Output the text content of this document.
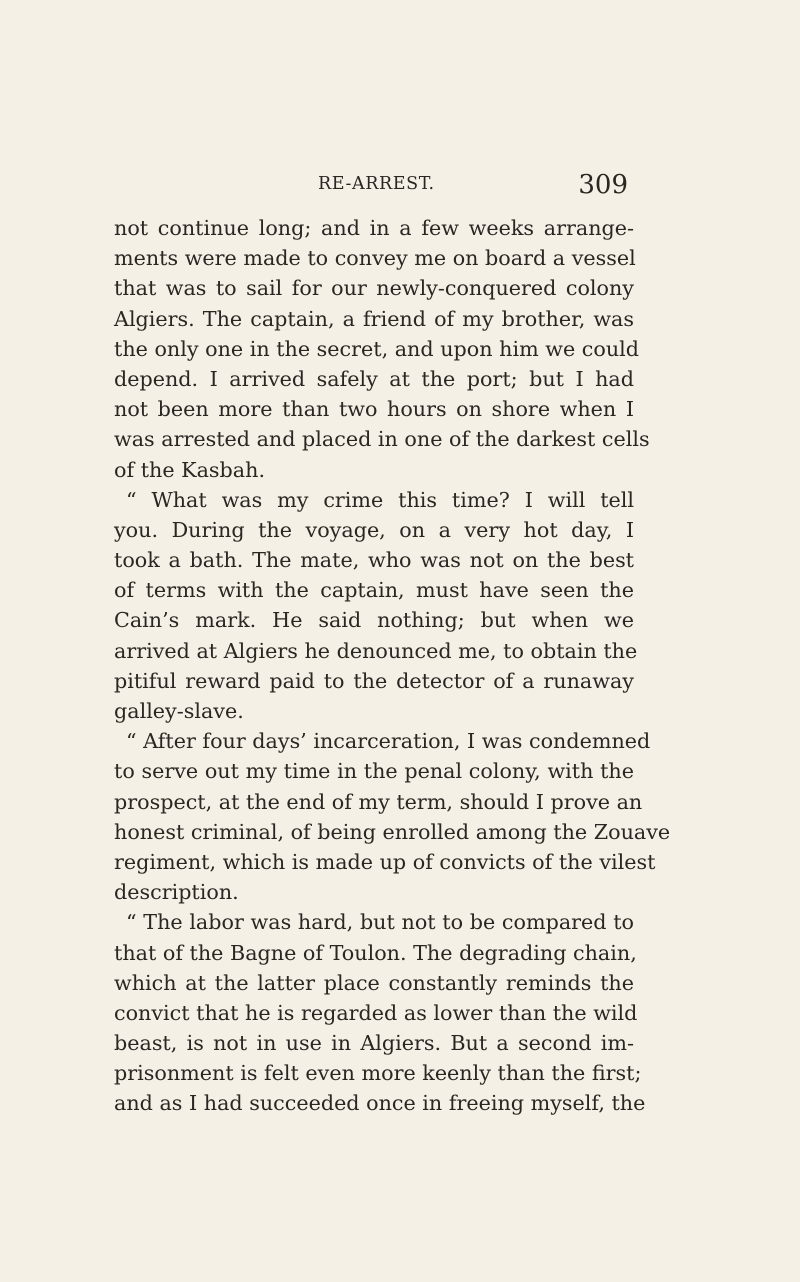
RE-ARREST.	309
not continue long; and in a few weeks arrange-
ments were made to convey me on board a vessel
that was to sail for our newly-conquered colony
Algiers. The captain, a friend of my brother, was
the only one in the secret, and upon him we could
depend. I arrived safely at the port; but I had
not been more than two hours on shore when I
was arrested and placed in one of the darkest cells
of the Kasbah.
“ What was my crime this time? I will tell
you. During the voyage, on a very hot day, I
took a bath. The mate, who was not on the best
of terms with the captain, must have seen the
Cain’s mark. He said nothing; but when we
arrived at Algiers he denounced me, to obtain the
pitiful reward paid to the detector of a runaway
galley-slave.
“ After four days’ incarceration, I was condemned
to serve out my time in the penal colony, with the
prospect, at the end of my term, should I prove an
honest criminal, of being enrolled among the Zouave
regiment, which is made up of convicts of the vilest
description.
“ The labor was hard, but not to be compared to
that of the Bagne of Toulon. The degrading chain,
which at the latter place constantly reminds the
convict that he is regarded as lower than the wild
beast, is not in use in Algiers. But a second im-
prisonment is felt even more keenly than the first;
and as I had succeeded once in freeing myself, the
